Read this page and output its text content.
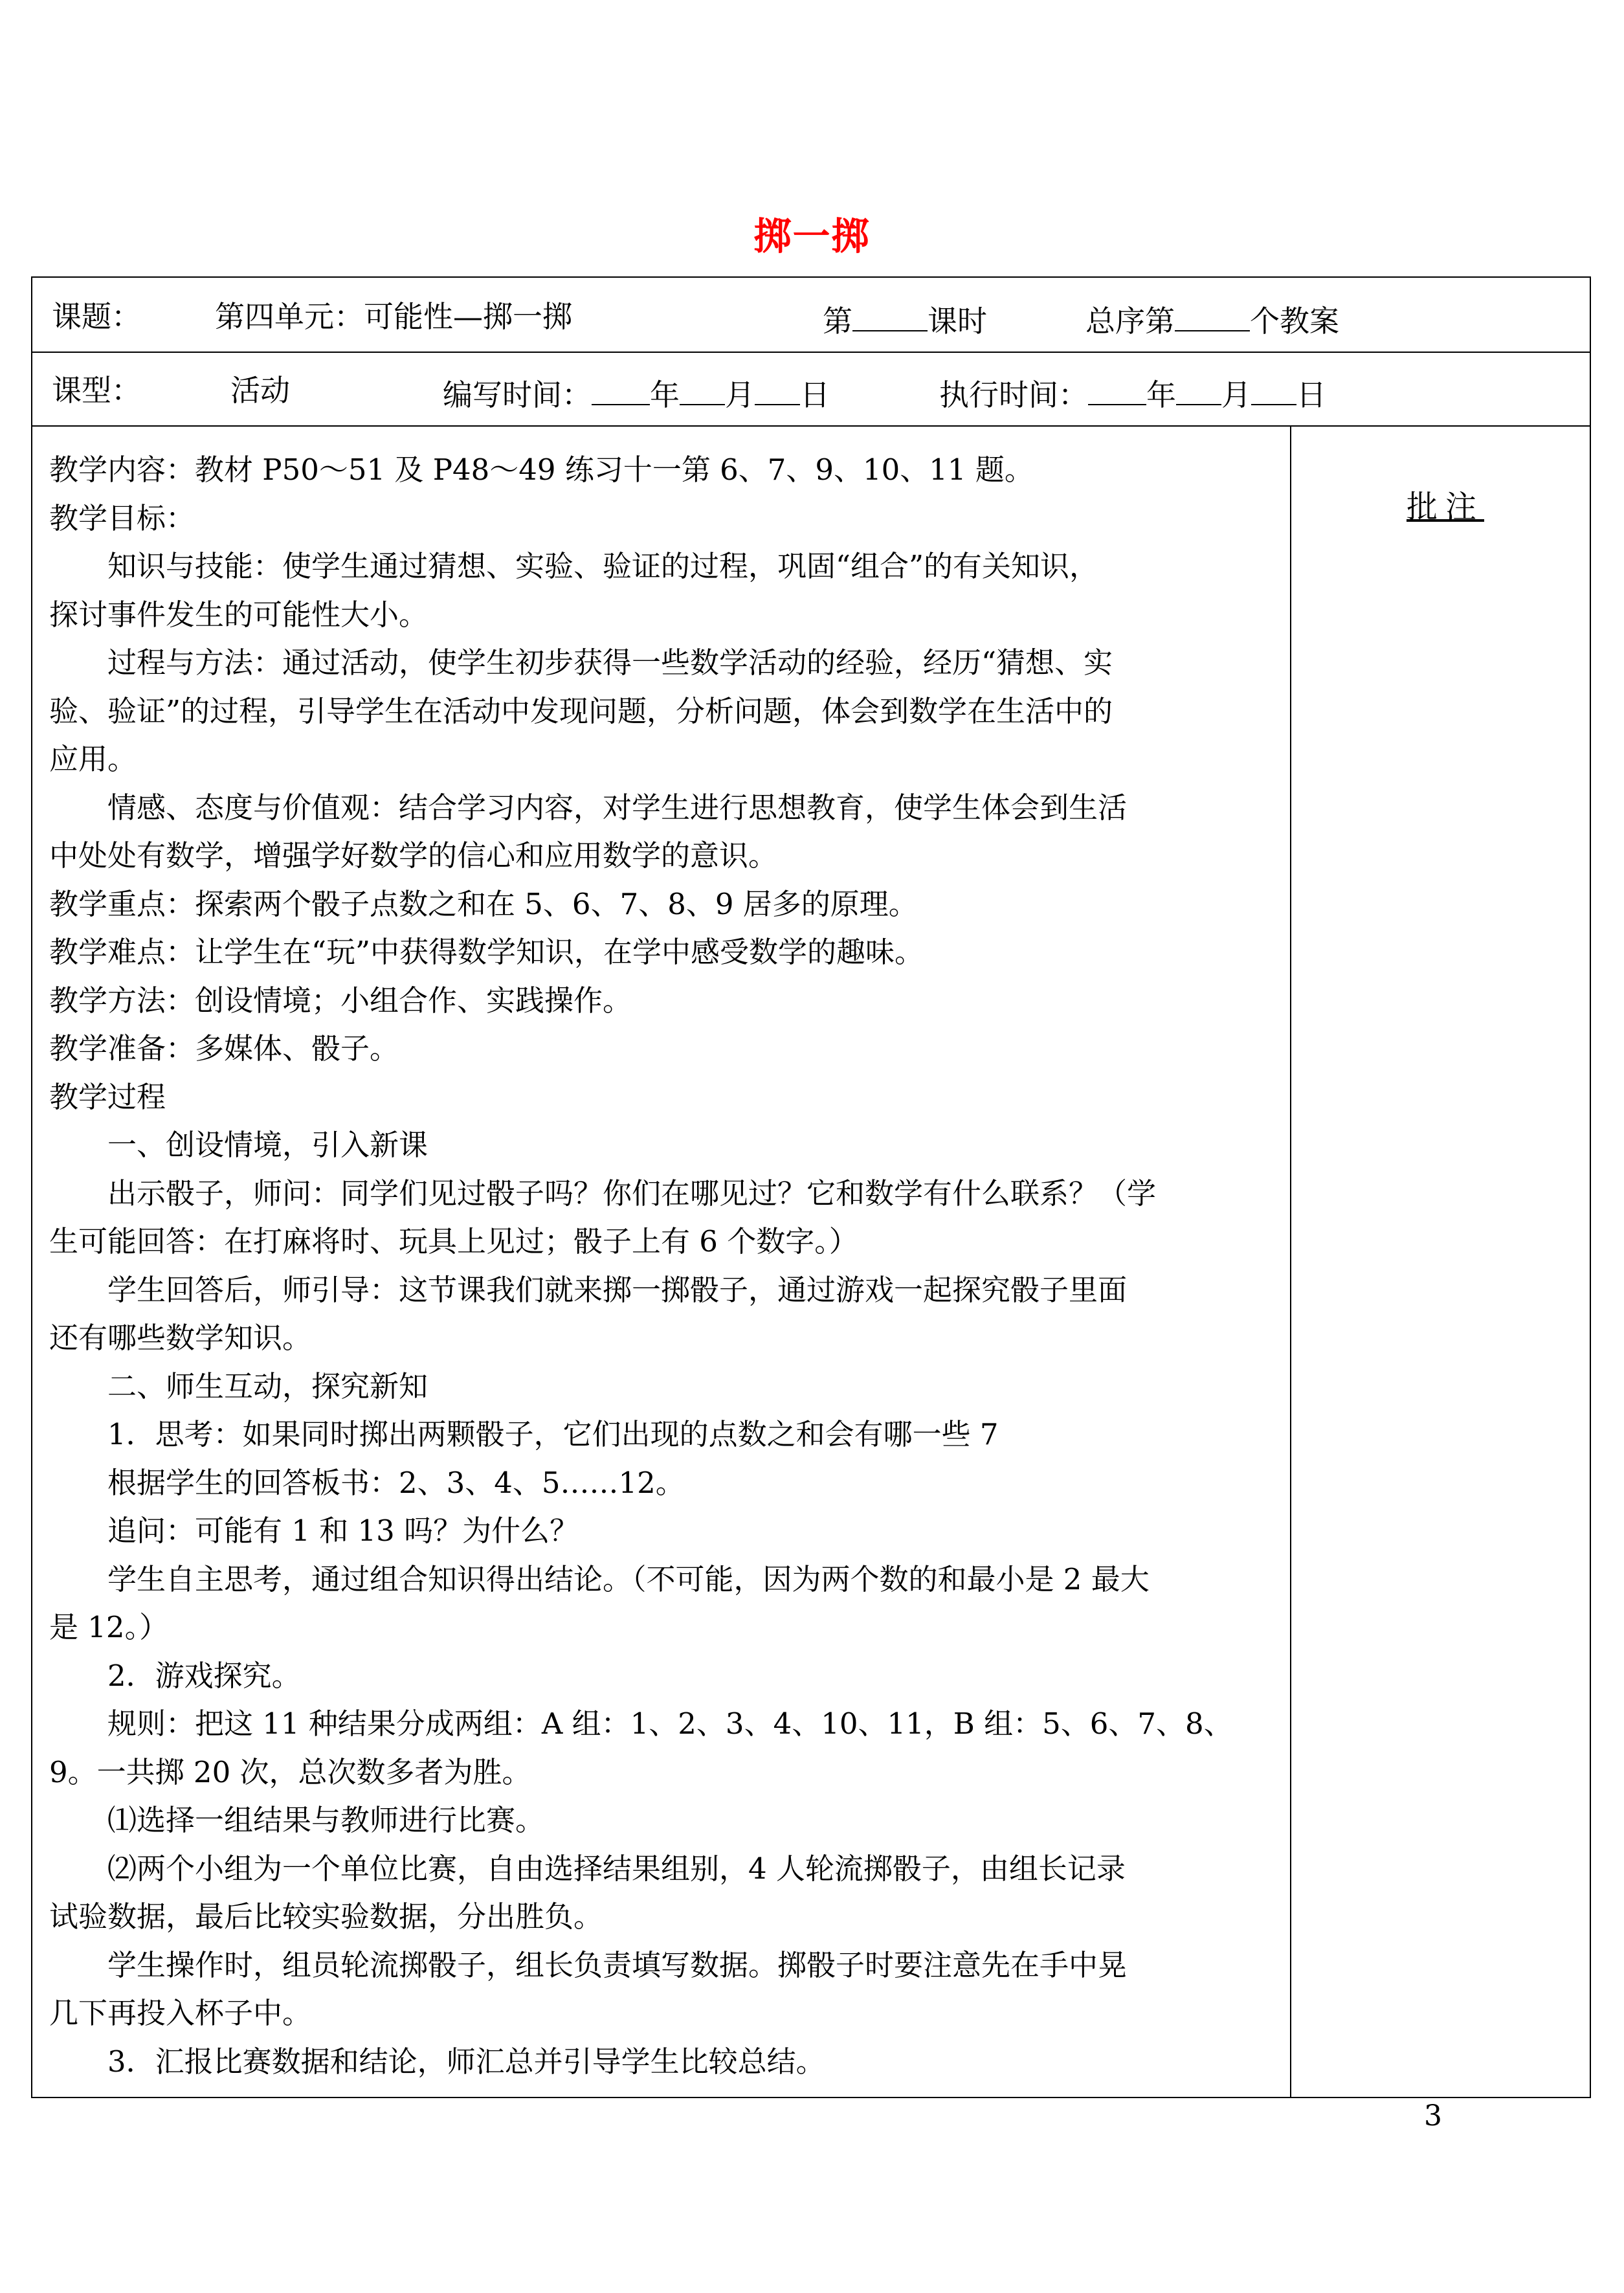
掷一掷
课题： 第四单元：可能性—掷一掷	第	课时	总序第	个教案
课型：	活动	编写时间： 年 月 日	执行时间： 年 月 日

教学内容：教材 P50～51 及 P48～49 练习十一第 6、7、9、10、11 题。

教学目标：

知识与技能：使学生通过猜想、实验、验证的过程，巩固“组合”的有关知识，

探讨事件发生的可能性大小。

过程与方法：通过活动，使学生初步获得一些数学活动的经验，经历“猜想、实

验、验证”的过程，引导学生在活动中发现问题，分析问题，体会到数学在生活中的

应用。

情感、态度与价值观：结合学习内容，对学生进行思想教育，使学生体会到生活

中处处有数学，增强学好数学的信心和应用数学的意识。

教学重点：探索两个骰子点数之和在 5、6、7、8、9 居多的原理。

教学难点：让学生在“玩”中获得数学知识，在学中感受数学的趣味。

教学方法：创设情境；小组合作、实践操作。

教学准备：多媒体、骰子。

教学过程

一、创设情境，引入新课

出示骰子，师问：同学们见过骰子吗？你们在哪见过？它和数学有什么联系？（学

生可能回答：在打麻将时、玩具上见过；骰子上有 6 个数字。）

学生回答后，师引导：这节课我们就来掷一掷骰子，通过游戏一起探究骰子里面

还有哪些数学知识。

二、师生互动，探究新知

1．思考：如果同时掷出两颗骰子，它们出现的点数之和会有哪一些 7

根据学生的回答板书：2、3、4、5……12。

追问：可能有 1 和 13 吗？为什么？

学生自主思考，通过组合知识得出结论。（不可能，因为两个数的和最小是 2 最大

是 12。）

2．游戏探究。

规则：把这 11 种结果分成两组：A 组：1、2、3、4、10、11，B 组：5、6、7、8、

9。一共掷 20 次，总次数多者为胜。

⑴选择一组结果与教师进行比赛。

⑵两个小组为一个单位比赛，自由选择结果组别，4 人轮流掷骰子，由组长记录

试验数据，最后比较实验数据，分出胜负。

学生操作时，组员轮流掷骰子，组长负责填写数据。掷骰子时要注意先在手中晃

几下再投入杯子中。

3．汇报比赛数据和结论，师汇总并引导学生比较总结。

批注
3
